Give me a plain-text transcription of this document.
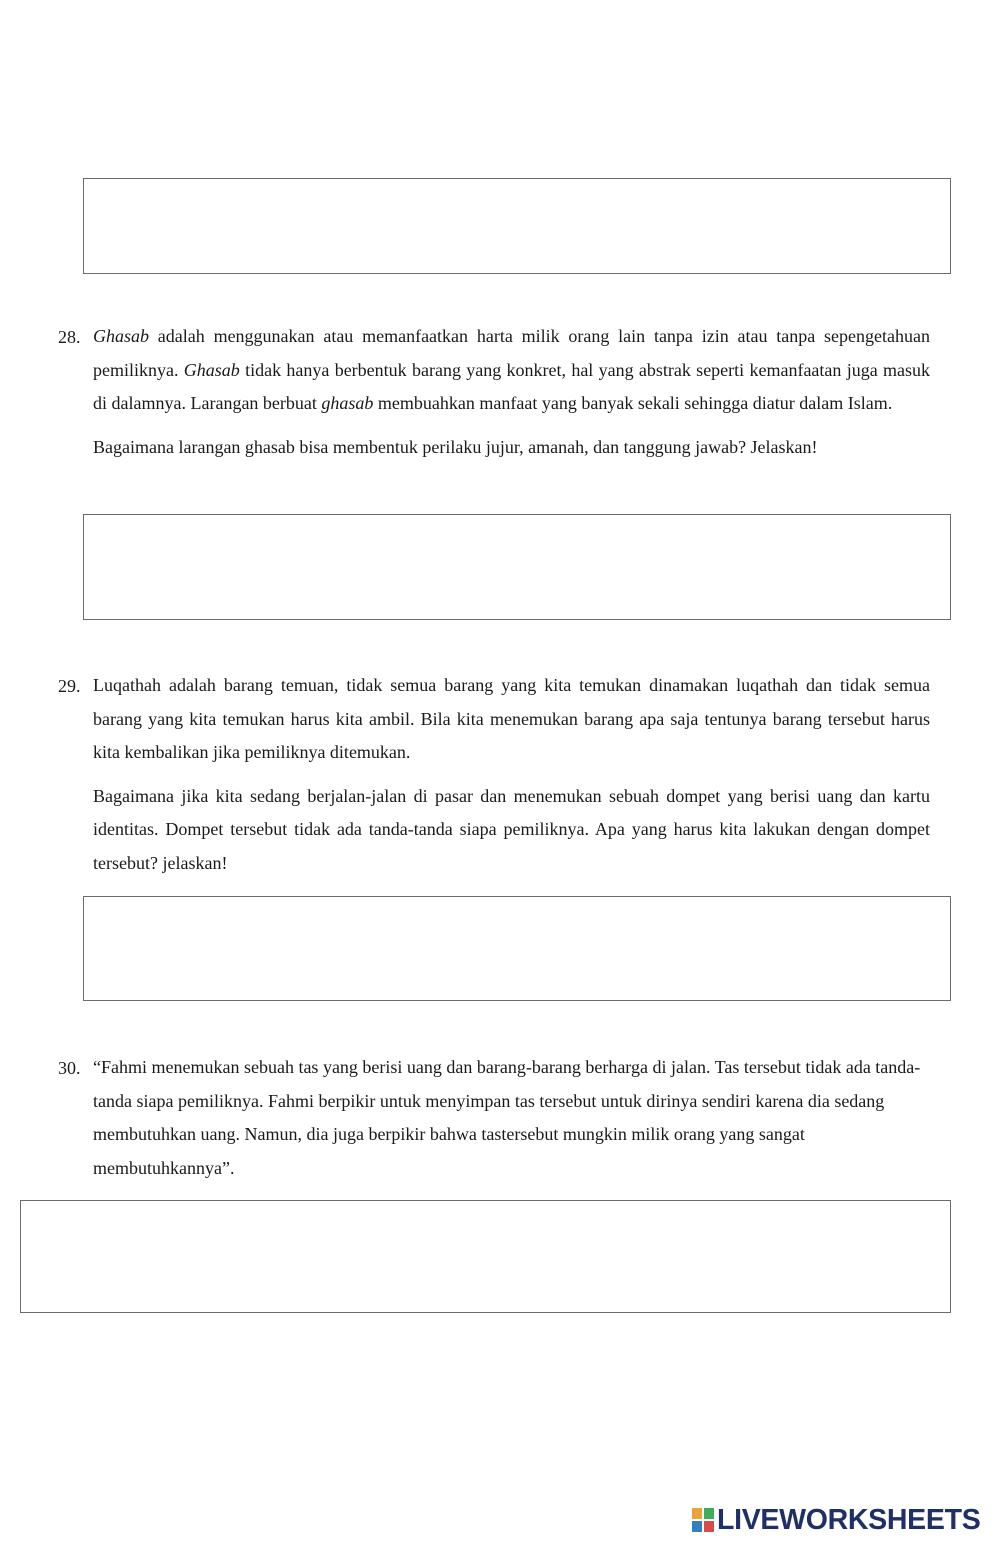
28. Ghasab adalah menggunakan atau memanfaatkan harta milik orang lain tanpa izin atau tanpa sepengetahuan pemiliknya. Ghasab tidak hanya berbentuk barang yang konkret, hal yang abstrak seperti kemanfaatan juga masuk di dalamnya. Larangan berbuat ghasab membuahkan manfaat yang banyak sekali sehingga diatur dalam Islam.

Bagaimana larangan ghasab bisa membentuk perilaku jujur, amanah, dan tanggung jawab? Jelaskan!

29. Luqathah adalah barang temuan, tidak semua barang yang kita temukan dinamakan luqathah dan tidak semua barang yang kita temukan harus kita ambil. Bila kita menemukan barang apa saja tentunya barang tersebut harus kita kembalikan jika pemiliknya ditemukan.

Bagaimana jika kita sedang berjalan-jalan di pasar dan menemukan sebuah dompet yang berisi uang dan kartu identitas. Dompet tersebut tidak ada tanda-tanda siapa pemiliknya. Apa yang harus kita lakukan dengan dompet tersebut? jelaskan!

30. “Fahmi menemukan sebuah tas yang berisi uang dan barang-barang berharga di jalan. Tas tersebut tidak ada tanda-tanda siapa pemiliknya. Fahmi berpikir untuk menyimpan tas tersebut untuk dirinya sendiri karena dia sedang membutuhkan uang. Namun, dia juga berpikir bahwa tastersebut mungkin milik orang yang sangat membutuhkannya”.

LIVEWORKSHEETS
